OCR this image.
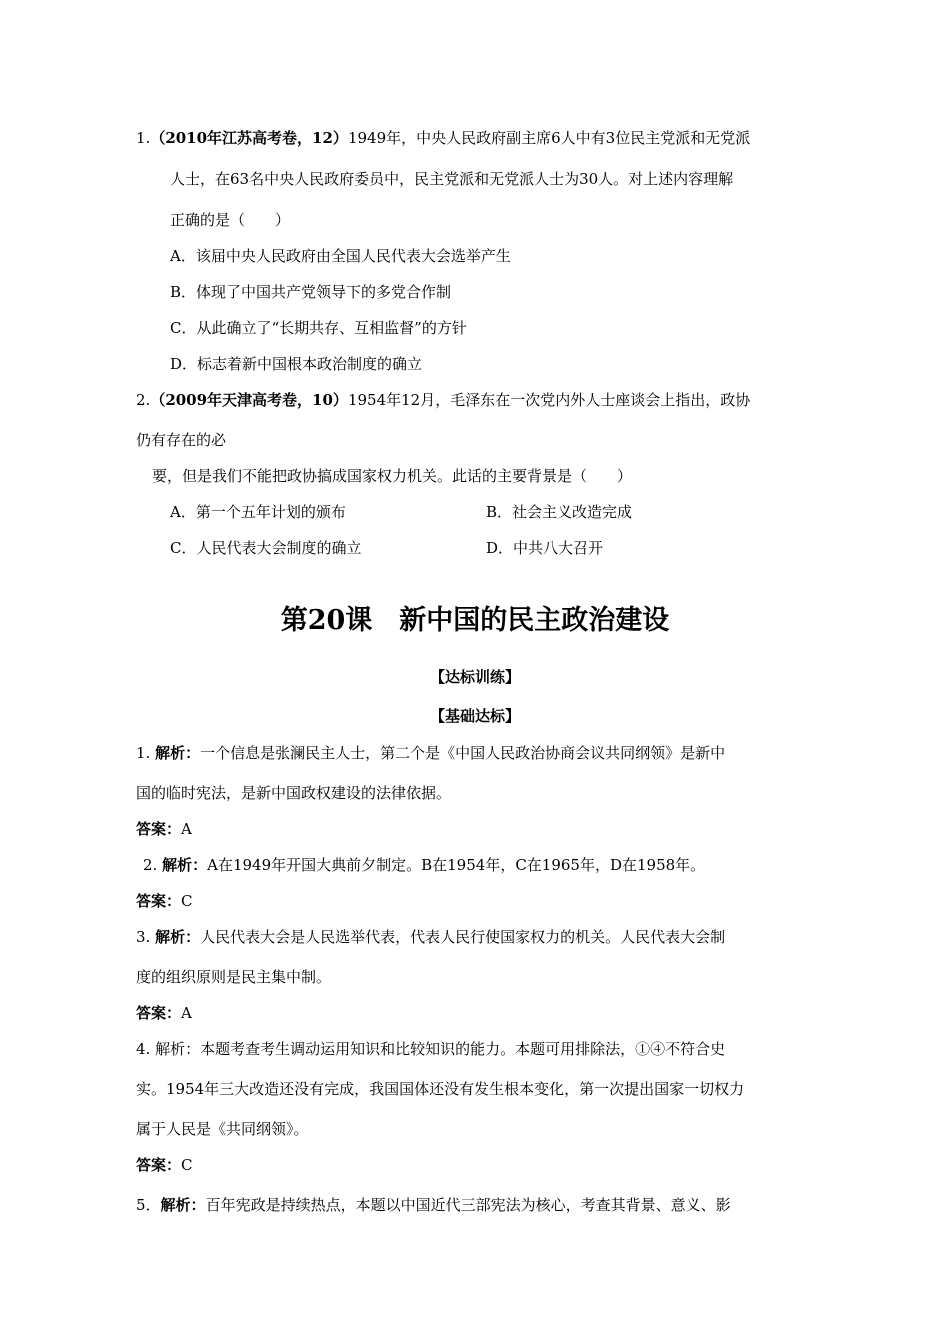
1.（2010年江苏高考卷，12）1949年，中央人民政府副主席6人中有3位民主党派和无党派
人士，在63名中央人民政府委员中，民主党派和无党派人士为30人。对上述内容理解
正确的是（　　）
A．该届中央人民政府由全国人民代表大会选举产生
B．体现了中国共产党领导下的多党合作制
C．从此确立了“长期共存、互相监督”的方针
D．标志着新中国根本政治制度的确立
2.（2009年天津高考卷，10）1954年12月，毛泽东在一次党内外人士座谈会上指出，政协
仍有存在的必
要，但是我们不能把政协搞成国家权力机关。此话的主要背景是（　　）
A．第一个五年计划的颁布	B．社会主义改造完成
C．人民代表大会制度的确立	D．中共八大召开
第20课　新中国的民主政治建设
【达标训练】
【基础达标】
1. 解析：一个信息是张澜民主人士，第二个是《中国人民政治协商会议共同纲领》是新中
国的临时宪法，是新中国政权建设的法律依据。
答案：A
2. 解析：A在1949年开国大典前夕制定。B在1954年，C在1965年，D在1958年。
答案：C
3. 解析：人民代表大会是人民选举代表，代表人民行使国家权力的机关。人民代表大会制
度的组织原则是民主集中制。
答案：A
4. 解析：本题考查考生调动运用知识和比较知识的能力。本题可用排除法，①④不符合史
实。1954年三大改造还没有完成，我国国体还没有发生根本变化，第一次提出国家一切权力
属于人民是《共同纲领》。
答案：C
5．解析：百年宪政是持续热点，本题以中国近代三部宪法为核心，考查其背景、意义、影
